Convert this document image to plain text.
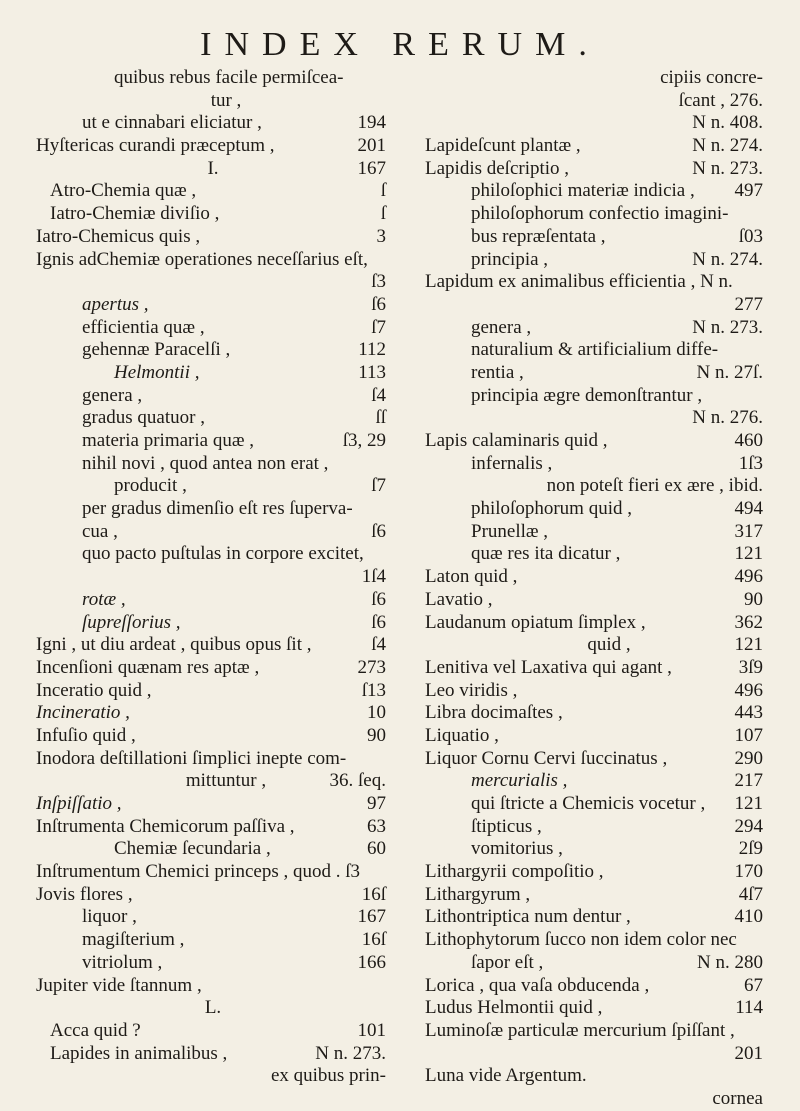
INDEX RERUM.
quibus rebus facile permiſcea-
tur ,
ut e cinnabari eliciatur ,	194
Hyſtericas curandi præceptum ,	201
I.	167
Atro-Chemia quæ ,	ſ
Iatro-Chemiæ diviſio ,	ſ
Iatro-Chemicus quis ,	3
Ignis adChemiæ operationes neceſſarius eſt,
ſ3
apertus ,	ſ6
efficientia quæ ,	ſ7
gehennæ Paracelſi ,	112
Helmontii ,	113
genera ,	ſ4
gradus quatuor ,	ſſ
materia primaria quæ ,	ſ3, 29
nihil novi , quod antea non erat ,
producit ,	ſ7
per gradus dimenſio eſt res ſuperva-
cua ,	ſ6
quo pacto puſtulas in corpore excitet,
1ſ4
rotæ ,	ſ6
ſupreſſorius ,	ſ6
Igni , ut diu ardeat , quibus opus ſit ,	ſ4
Incenſioni quænam res aptæ ,	273
Inceratio quid ,	ſ13
Incineratio ,	10
Infuſio quid ,	90
Inodora deſtillationi ſimplici inepte com-
mittuntur ,	36. ſeq.
Inſpiſſatio ,	97
Inſtrumenta Chemicorum paſſiva ,	63
Chemiæ ſecundaria ,	60
Inſtrumentum Chemici princeps , quod . ſ3
Jovis flores ,	16ſ
liquor ,	167
magiſterium ,	16ſ
vitriolum ,	166
Jupiter vide ſtannum ,
L.
Acca quid ?	101
Lapides in animalibus ,	N n. 273.
ex quibus prin-
cipiis concre-
ſcant , 276.
N n. 408.
Lapideſcunt plantæ ,	N n. 274.
Lapidis deſcriptio ,	N n. 273.
philoſophici materiæ indicia , 497
philoſophorum confectio imagini-
bus repræſentata ,	ſ03
principia ,	N n. 274.
Lapidum ex animalibus efficientia , N n.
277
genera ,	N n. 273.
naturalium & artificialium diffe-
rentia ,	N n. 27ſ.
principia ægre demonſtrantur ,
N n. 276.
Lapis calaminaris quid ,	460
infernalis ,	1ſ3
non poteſt fieri ex ære , ibid.
philoſophorum quid ,	494
Prunellæ ,	317
quæ res ita dicatur ,	121
Laton quid ,	496
Lavatio ,	90
Laudanum opiatum ſimplex ,	362
quid ,	121
Lenitiva vel Laxativa qui agant ,	3ſ9
Leo viridis ,	496
Libra docimaſtes ,	443
Liquatio ,	107
Liquor Cornu Cervi ſuccinatus ,	290
mercurialis ,	217
qui ſtricte a Chemicis vocetur , 121
ſtipticus ,	294
vomitorius ,	2ſ9
Lithargyrii compoſitio ,	170
Lithargyrum ,	4ſ7
Lithontriptica num dentur ,	410
Lithophytorum ſucco non idem color nec
ſapor eſt ,	N n. 280
Lorica , qua vaſa obducenda ,	67
Ludus Helmontii quid ,	114
Luminoſæ particulæ mercurium ſpiſſant ,
201
Luna vide Argentum.
cornea
